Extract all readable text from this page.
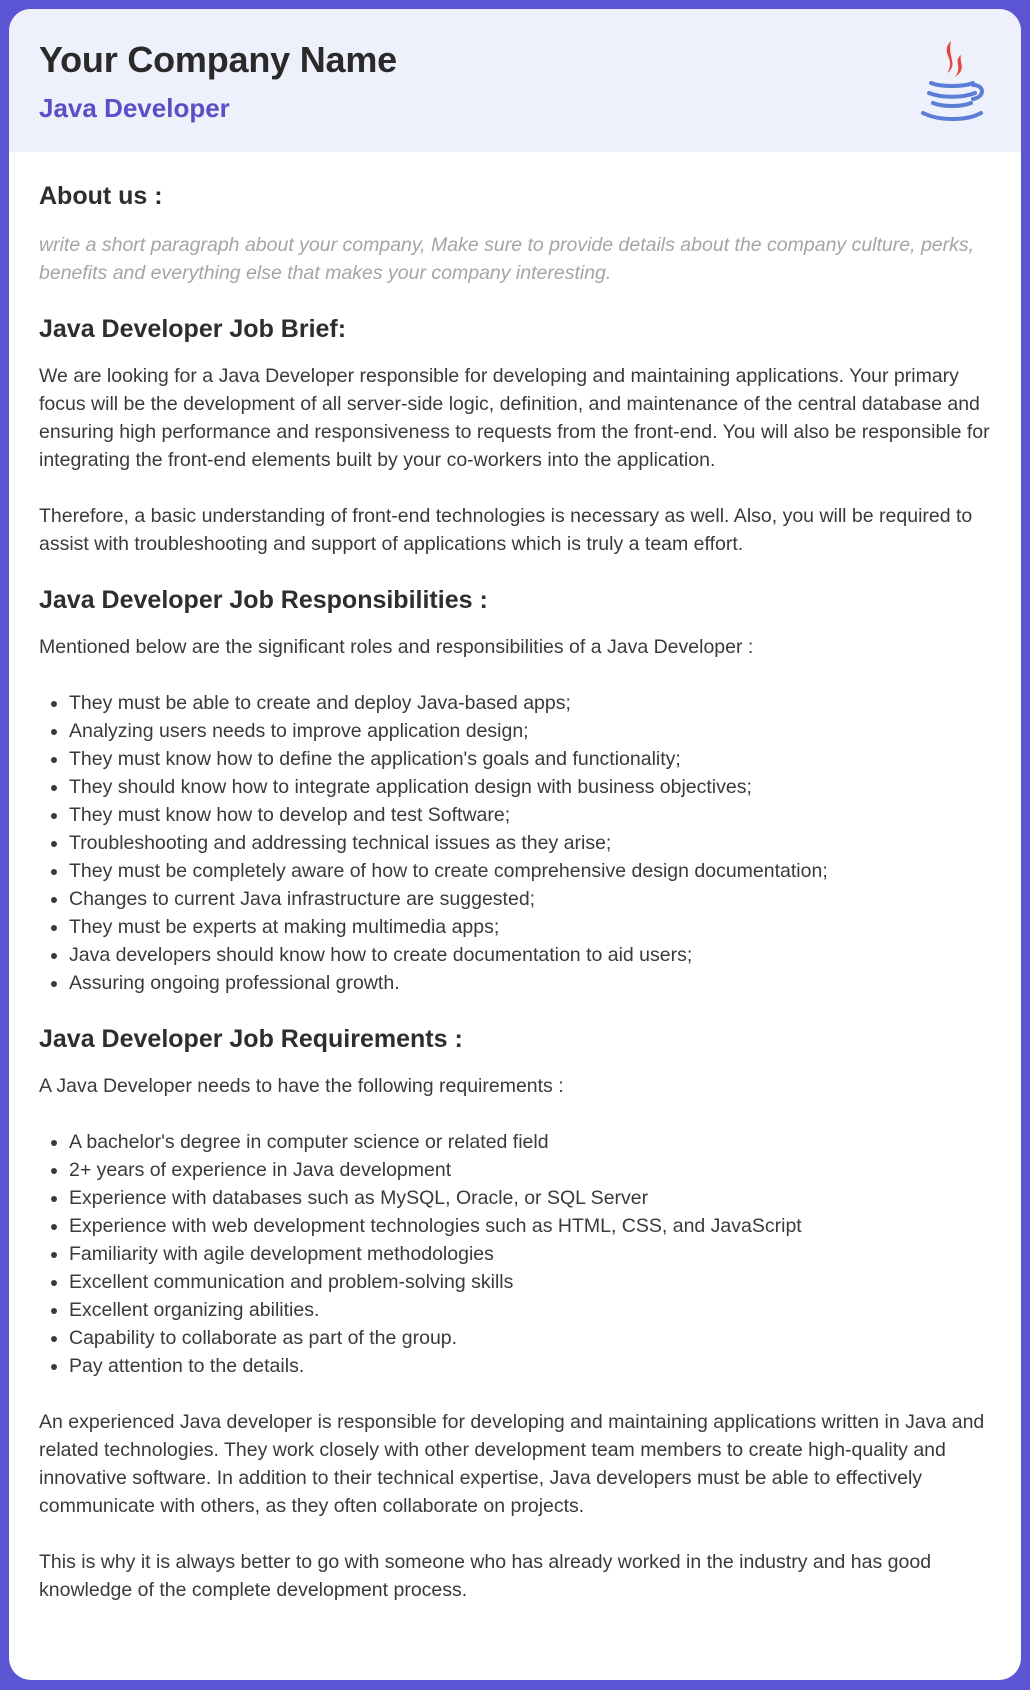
Your Company Name
Java Developer
About us :

write a short paragraph about your company, Make sure to provide details about the company culture, perks, benefits and everything else that makes your company interesting.

Java Developer Job Brief:

We are looking for a Java Developer responsible for developing and maintaining applications. Your primary focus will be the development of all server-side logic, definition, and maintenance of the central database and ensuring high performance and responsiveness to requests from the front-end. You will also be responsible for integrating the front-end elements built by your co-workers into the application.

Therefore, a basic understanding of front-end technologies is necessary as well. Also, you will be required to assist with troubleshooting and support of applications which is truly a team effort.

Java Developer Job Responsibilities :

Mentioned below are the significant roles and responsibilities of a Java Developer :

• They must be able to create and deploy Java-based apps;
• Analyzing users needs to improve application design;
• They must know how to define the application's goals and functionality;
• They should know how to integrate application design with business objectives;
• They must know how to develop and test Software;
• Troubleshooting and addressing technical issues as they arise;
• They must be completely aware of how to create comprehensive design documentation;
• Changes to current Java infrastructure are suggested;
• They must be experts at making multimedia apps;
• Java developers should know how to create documentation to aid users;
• Assuring ongoing professional growth.
Java Developer Job Requirements :

A Java Developer needs to have the following requirements :

• A bachelor's degree in computer science or related field
• 2+ years of experience in Java development
• Experience with databases such as MySQL, Oracle, or SQL Server
• Experience with web development technologies such as HTML, CSS, and JavaScript
• Familiarity with agile development methodologies
• Excellent communication and problem-solving skills
• Excellent organizing abilities.
• Capability to collaborate as part of the group.
• Pay attention to the details.

An experienced Java developer is responsible for developing and maintaining applications written in Java and related technologies. They work closely with other development team members to create high-quality and innovative software. In addition to their technical expertise, Java developers must be able to effectively communicate with others, as they often collaborate on projects.

This is why it is always better to go with someone who has already worked in the industry and has good knowledge of the complete development process.
